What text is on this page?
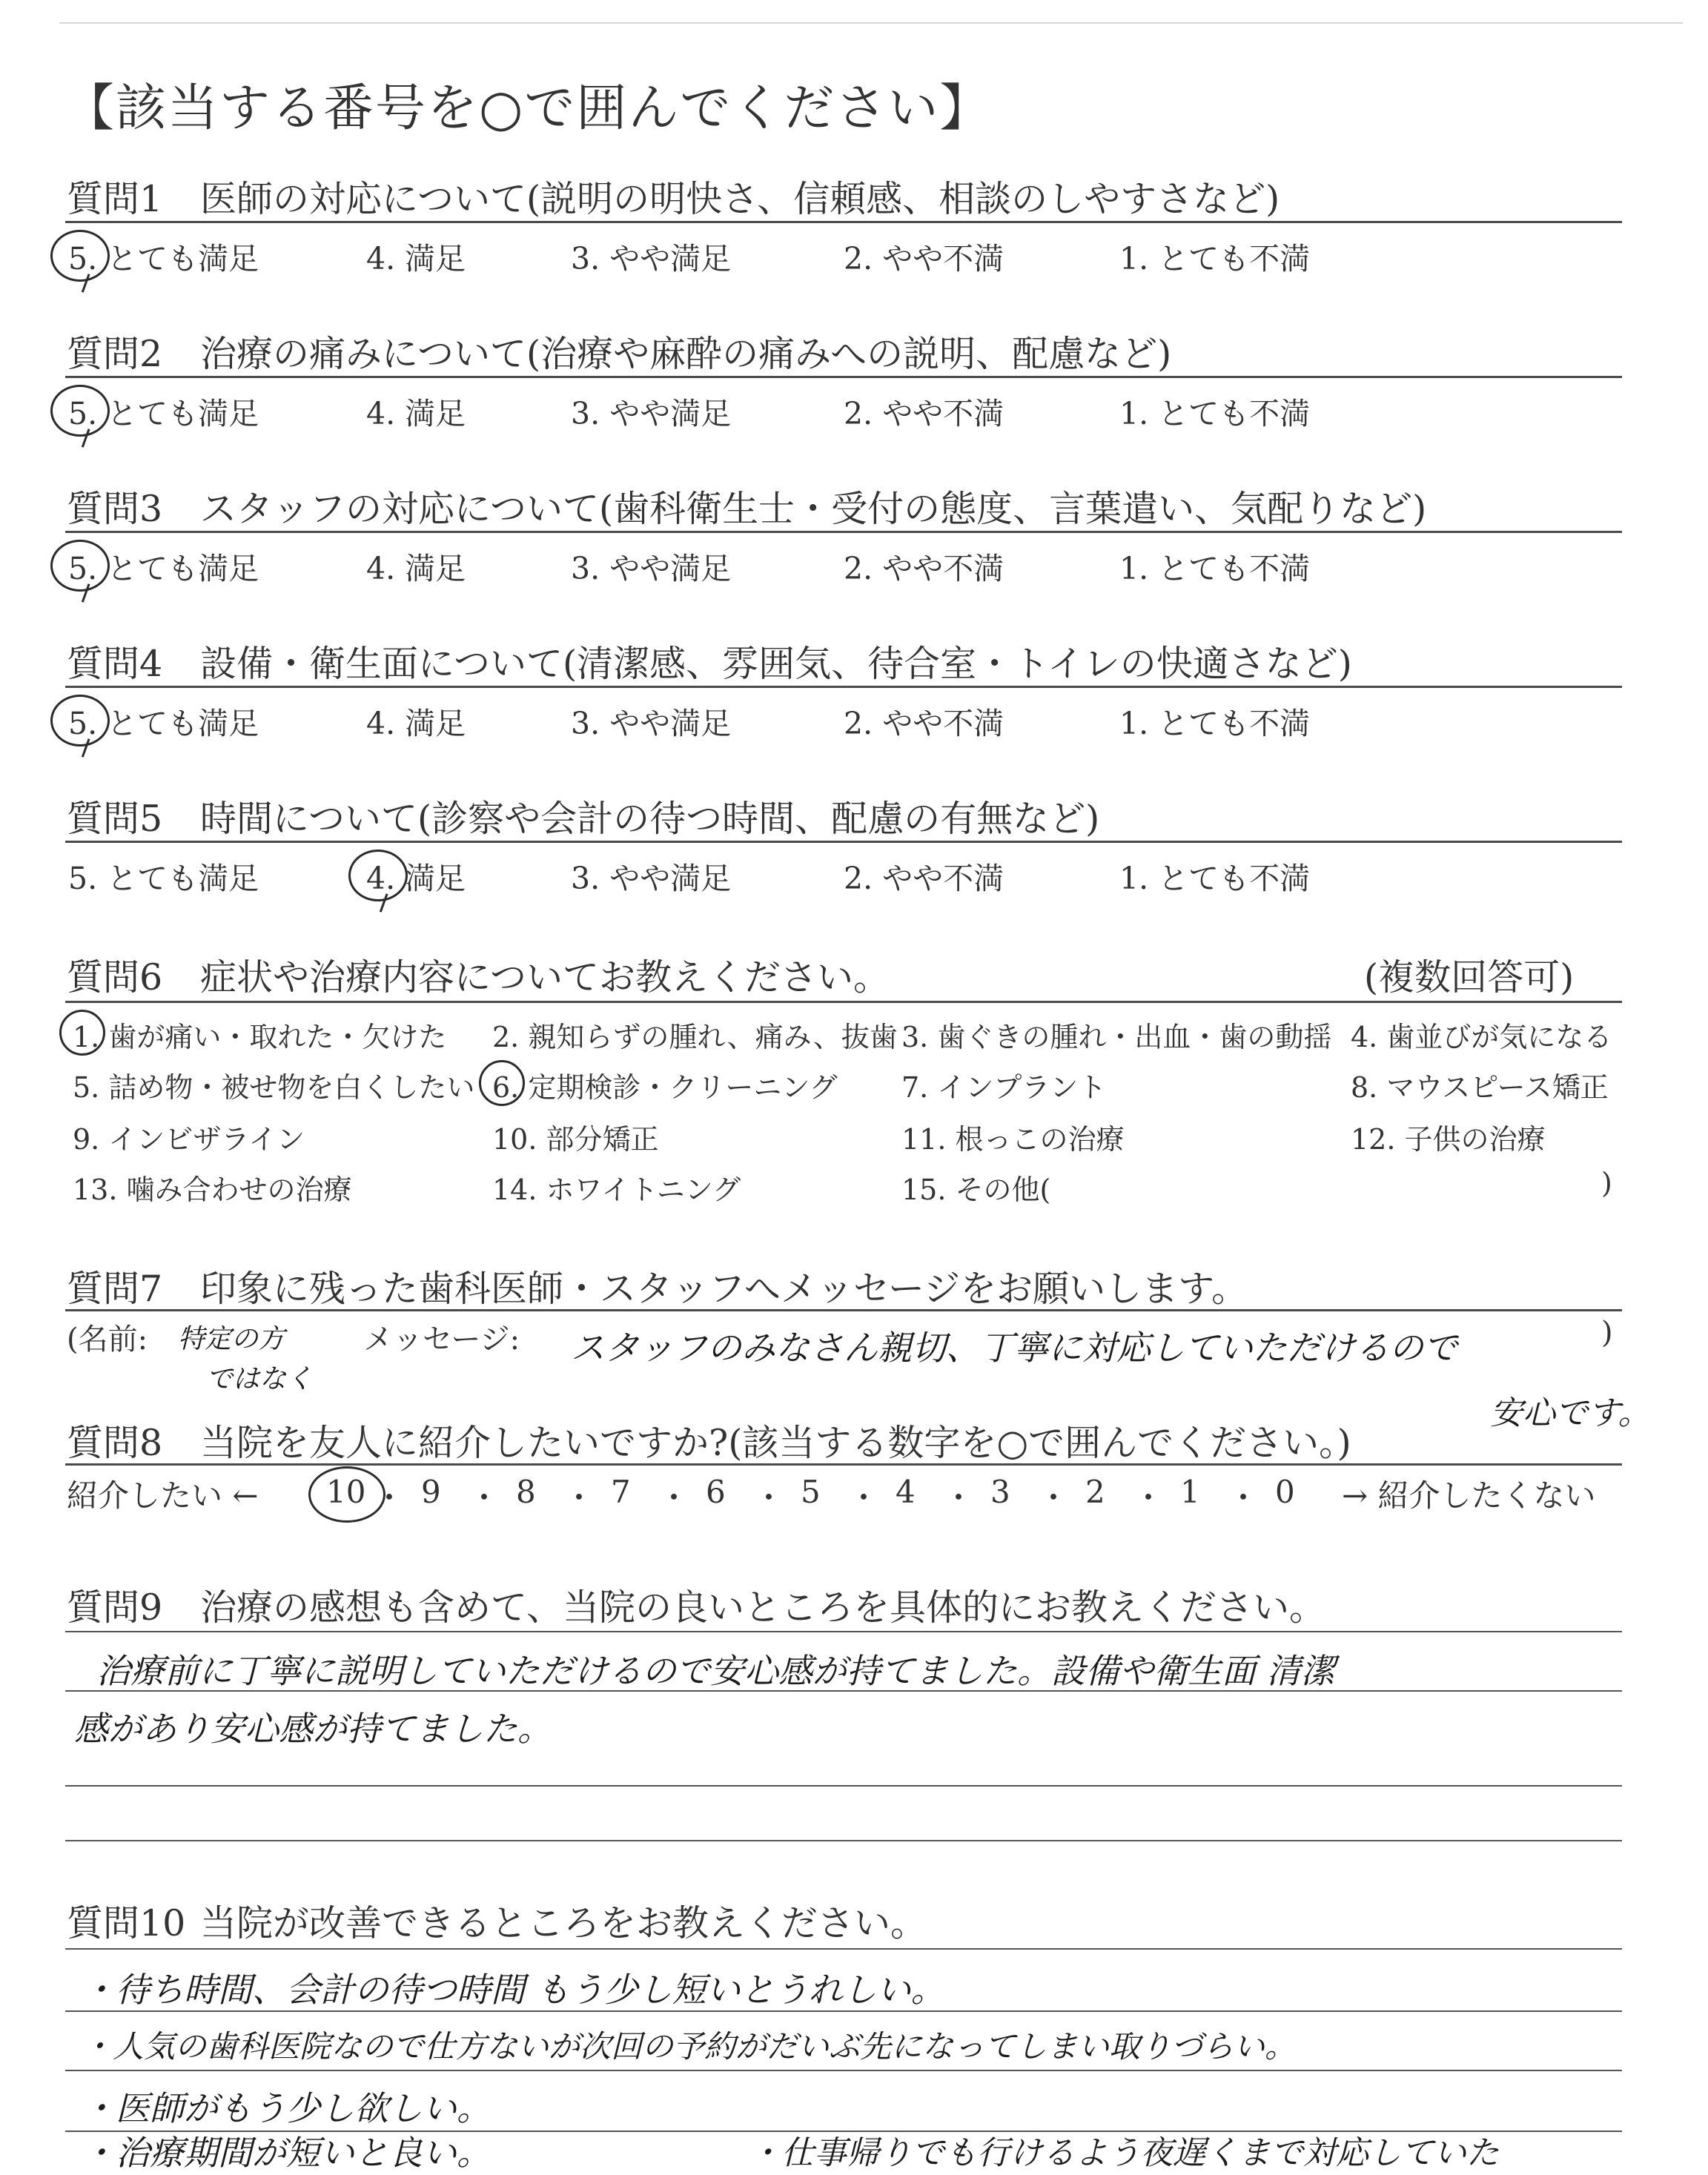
【該当する番号を○で囲んでください】
質問1 医師の対応について(説明の明快さ、信頼感、相談のしやすさなど)
5. とても満足	4. 満足	3. やや満足	2. やや不満	1. とても不満
質問2 治療の痛みについて(治療や麻酔の痛みへの説明、配慮など)
5. とても満足	4. 満足	3. やや満足	2. やや不満	1. とても不満
質問3 スタッフの対応について(歯科衛生士・受付の態度、言葉遣い、気配りなど)
5. とても満足	4. 満足	3. やや満足	2. やや不満	1. とても不満
質問4 設備・衛生面について(清潔感、雰囲気、待合室・トイレの快適さなど)
5. とても満足	4. 満足	3. やや満足	2. やや不満	1. とても不満
質問5 時間について(診察や会計の待つ時間、配慮の有無など)
5. とても満足	4. 満足	3. やや満足	2. やや不満	1. とても不満
質問6 症状や治療内容についてお教えください。	(複数回答可)
1. 歯が痛い・取れた・欠けた 2. 親知らずの腫れ、痛み、抜歯 3. 歯ぐきの腫れ・出血・歯の動揺 4. 歯並びが気になる
5. 詰め物・被せ物を白くしたい 6. 定期検診・クリーニング 7. インプラント	8. マウスピース矯正
9. インビザライン	10. 部分矯正	11. 根っこの治療	12. 子供の治療
13. 噛み合わせの治療	14. ホワイトニング	15. その他(	)
質問7 印象に残った歯科医師・スタッフへメッセージをお願いします。
(名前: 特定の方
ではなく
メッセージ: スタッフのみなさん親切、丁寧に対応していただけるので
安心です。
)
質問8 当院を友人に紹介したいですか?(該当する数字を○で囲んでください。)
紹介したい ← 10 ・ 9 ・ 8 ・ 7 ・ 6 ・ 5 ・ 4 ・ 3 ・ 2 ・ 1 ・ 0 → 紹介したくない
質問9 治療の感想も含めて、当院の良いところを具体的にお教えください。
治療前に丁寧に説明していただけるので安心感が持てました。設備や衛生面 清潔
感があり安心感が持てました。
質問10 当院が改善できるところをお教えください。
・待ち時間、会計の待つ時間 もう少し短いとうれしい。
・人気の歯科医院なので仕方ないが次回の予約がだいぶ先になってしまい取りづらい。
・医師がもう少し欲しい。
・治療期間が短いと良い。	・仕事帰りでも行けるよう夜遅くまで対応していた
